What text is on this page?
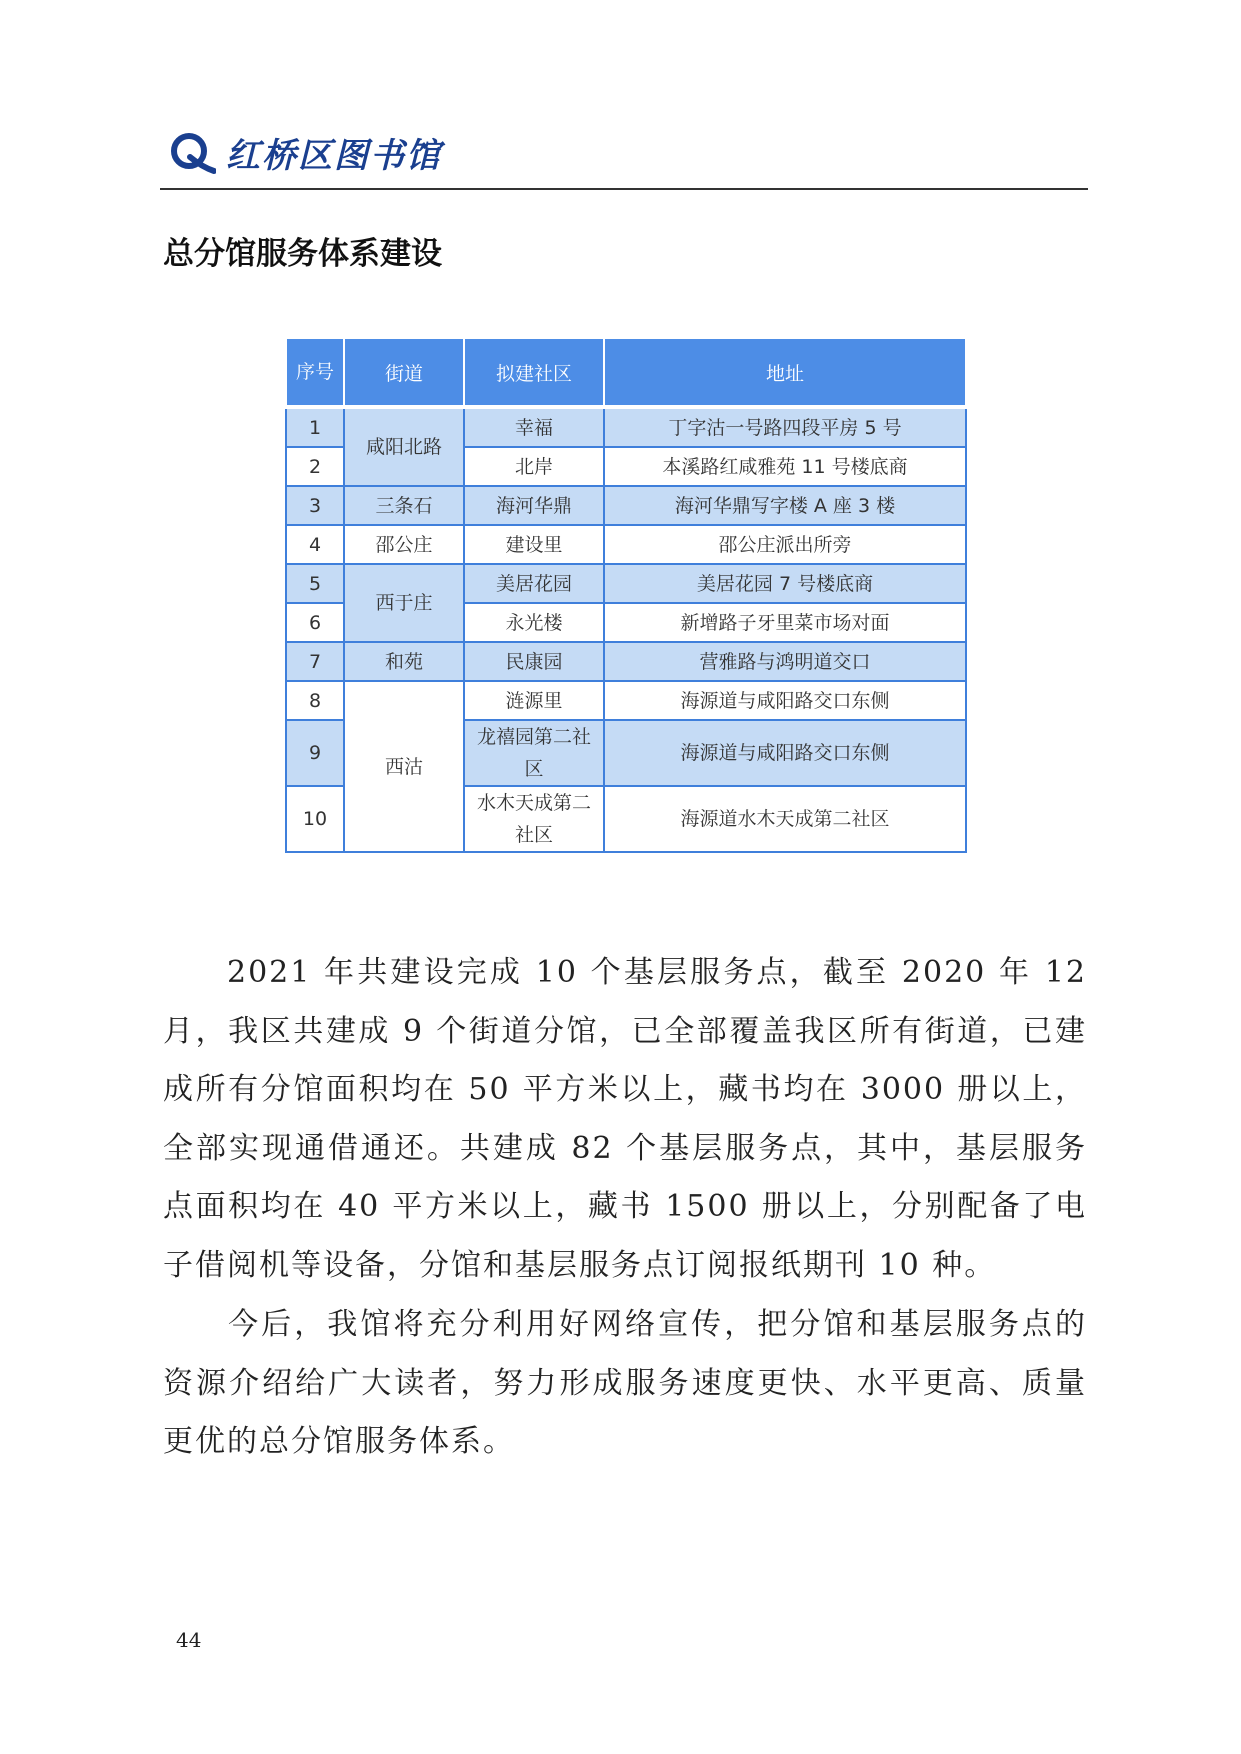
红桥区图书馆
总分馆服务体系建设
序号	街道	拟建社区	地址
1	咸阳北路	幸福	丁字沽一号路四段平房 5 号
2		北岸	本溪路红咸雅苑 11 号楼底商
3	三条石	海河华鼎	海河华鼎写字楼 A 座 3 楼
4	邵公庄	建设里	邵公庄派出所旁
5	西于庄	美居花园	美居花园 7 号楼底商
6		永光楼	新增路子牙里菜市场对面
7	和苑	民康园	营雅路与鸿明道交口
8	西沽	涟源里	海源道与咸阳路交口东侧
9		龙禧园第二社区	海源道与咸阳路交口东侧
10		水木天成第二社区	海源道水木天成第二社区

2021 年共建设完成 10 个基层服务点，截至 2020 年 12 月，我区共建成 9 个街道分馆，已全部覆盖我区所有街道，已建成所有分馆面积均在 50 平方米以上，藏书均在 3000 册以上，全部实现通借通还。共建成 82 个基层服务点，其中，基层服务点面积均在 40 平方米以上，藏书 1500 册以上，分别配备了电子借阅机等设备，分馆和基层服务点订阅报纸期刊 10 种。

今后，我馆将充分利用好网络宣传，把分馆和基层服务点的资源介绍给广大读者，努力形成服务速度更快、水平更高、质量更优的总分馆服务体系。

44
